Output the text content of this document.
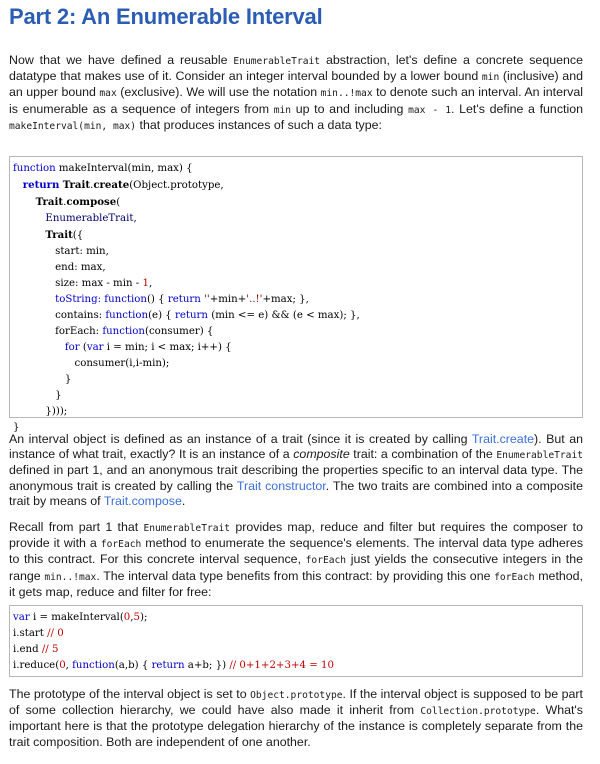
Part 2: An Enumerable Interval

Now that we have defined a reusable EnumerableTrait abstraction, let's define a concrete sequence datatype that makes use of it. Consider an integer interval bounded by a lower bound min (inclusive) and an upper bound max (exclusive). We will use the notation min..!max to denote such an interval. An interval is enumerable as a sequence of integers from min up to and including max - 1. Let's define a function makeInterval(min, max) that produces instances of such a data type:

function makeInterval(min, max) {
return Trait.create(Object.prototype,
Trait.compose(
EnumerableTrait,
Trait({
start: min,
end: max,
size: max - min - 1,
toString: function() { return ''+min+'..!'+max; },
contains: function(e) { return (min <= e) && (e < max); },
forEach: function(consumer) {
for (var i = min; i < max; i++) {
consumer(i,i-min);
}
}
})));
}

An interval object is defined as an instance of a trait (since it is created by calling Trait.create). But an instance of what trait, exactly? It is an instance of a composite trait: a combination of the EnumerableTrait defined in part 1, and an anonymous trait describing the properties specific to an interval data type. The anonymous trait is created by calling the Trait constructor. The two traits are combined into a composite trait by means of Trait.compose.

Recall from part 1 that EnumerableTrait provides map, reduce and filter but requires the composer to provide it with a forEach method to enumerate the sequence's elements. The interval data type adheres to this contract. For this concrete interval sequence, forEach just yields the consecutive integers in the range min..!max. The interval data type benefits from this contract: by providing this one forEach method, it gets map, reduce and filter for free:

var i = makeInterval(0,5);
i.start // 0
i.end // 5
i.reduce(0, function(a,b) { return a+b; }) // 0+1+2+3+4 = 10

The prototype of the interval object is set to Object.prototype. If the interval object is supposed to be part of some collection hierarchy, we could have also made it inherit from Collection.prototype. What's important here is that the prototype delegation hierarchy of the instance is completely separate from the trait composition. Both are independent of one another.
